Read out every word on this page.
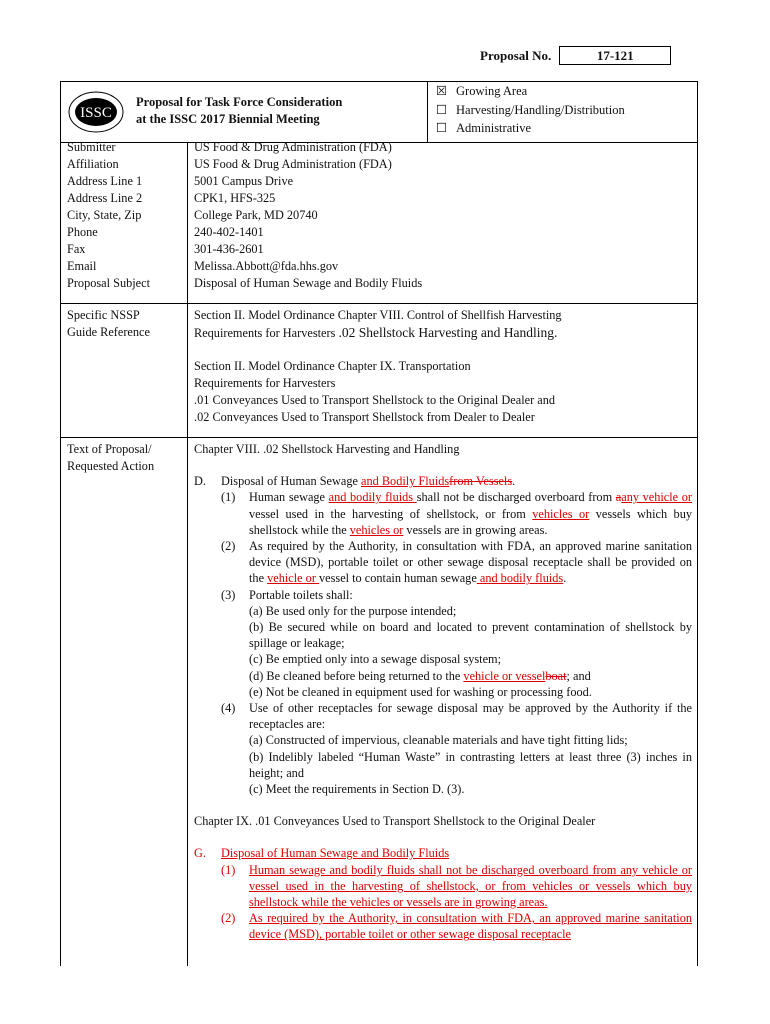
Proposal No.	17-121
ISSC
Proposal for Task Force Consideration
at the ISSC 2017 Biennial Meeting
☒ Growing Area
☐ Harvesting/Handling/Distribution
☐ Administrative
Submitter
Affiliation
Address Line 1
Address Line 2
City, State, Zip
Phone
Fax
Email
Proposal Subject
US Food & Drug Administration (FDA)
US Food & Drug Administration (FDA)
5001 Campus Drive
CPK1, HFS-325
College Park, MD 20740
240-402-1401
301-436-2601
Melissa.Abbott@fda.hhs.gov
Disposal of Human Sewage and Bodily Fluids
Specific NSSP
Guide Reference
Section II. Model Ordinance Chapter VIII. Control of Shellfish Harvesting
Requirements for Harvesters .02 Shellstock Harvesting and Handling.
Section II. Model Ordinance Chapter IX. Transportation
Requirements for Harvesters
.01 Conveyances Used to Transport Shellstock to the Original Dealer and
.02 Conveyances Used to Transport Shellstock from Dealer to Dealer
Text of Proposal/
Requested Action
Chapter VIII. .02 Shellstock Harvesting and Handling
D. Disposal of Human Sewage and Bodily Fluidsfrom Vessels.
(1) Human sewage and bodily fluids shall not be discharged overboard from aany vehicle or vessel used in the harvesting of shellstock, or from vehicles or vessels which buy shellstock while the vehicles or vessels are in growing areas.
(2) As required by the Authority, in consultation with FDA, an approved marine sanitation device (MSD), portable toilet or other sewage disposal receptacle shall be provided on the vehicle or vessel to contain human sewage and bodily fluids.
(3) Portable toilets shall:
(a) Be used only for the purpose intended;
(b) Be secured while on board and located to prevent contamination of shellstock by spillage or leakage;
(c) Be emptied only into a sewage disposal system;
(d) Be cleaned before being returned to the vehicle or vesselboat; and
(e) Not be cleaned in equipment used for washing or processing food.
(4) Use of other receptacles for sewage disposal may be approved by the Authority if the receptacles are:
(a) Constructed of impervious, cleanable materials and have tight fitting lids;
(b) Indelibly labeled “Human Waste” in contrasting letters at least three (3) inches in height; and
(c) Meet the requirements in Section D. (3).
Chapter IX. .01 Conveyances Used to Transport Shellstock to the Original Dealer
G. Disposal of Human Sewage and Bodily Fluids
(1) Human sewage and bodily fluids shall not be discharged overboard from any vehicle or vessel used in the harvesting of shellstock, or from vehicles or vessels which buy shellstock while the vehicles or vessels are in growing areas.
(2) As required by the Authority, in consultation with FDA, an approved marine sanitation device (MSD), portable toilet or other sewage disposal receptacle
